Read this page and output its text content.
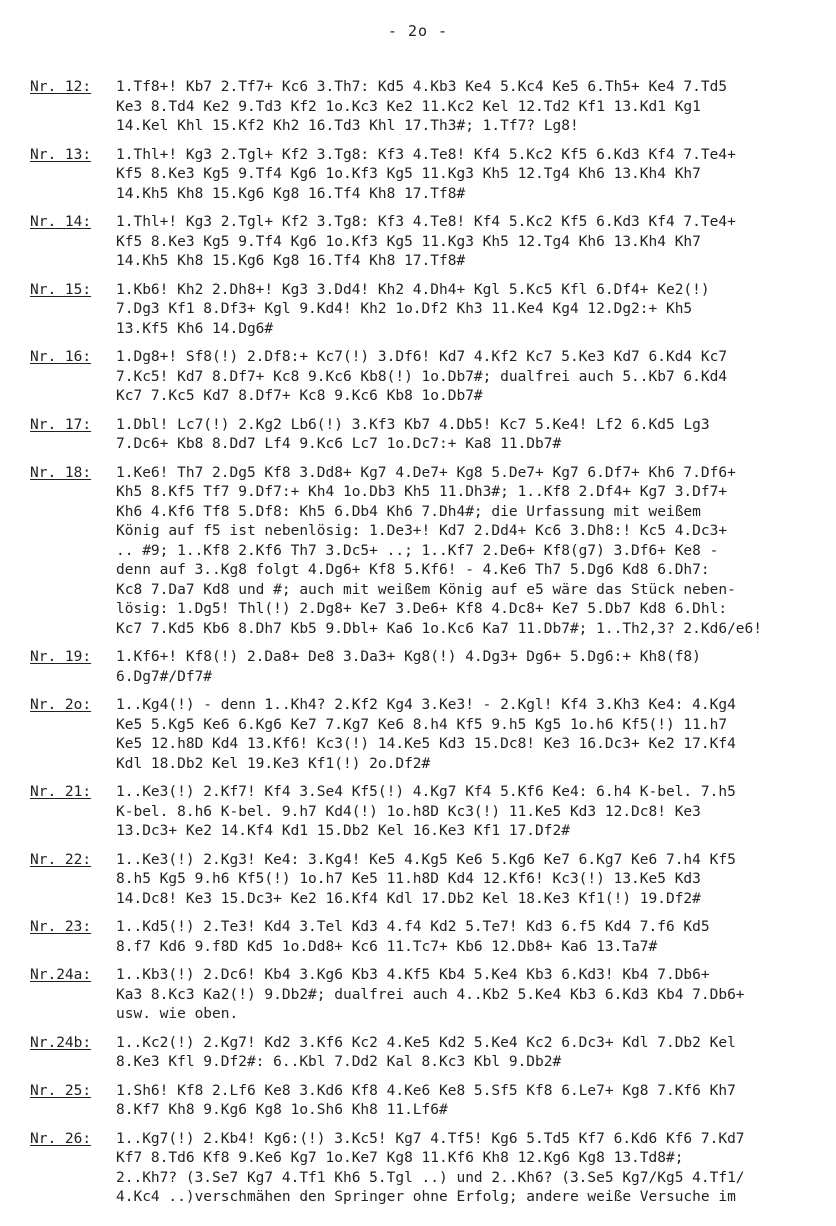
- 2o -
Nr. 12:	1.Tf8+! Kb7 2.Tf7+ Kc6 3.Th7: Kd5 4.Kb3 Ke4 5.Kc4 Ke5 6.Th5+ Ke4 7.Td5
Ke3 8.Td4 Ke2 9.Td3 Kf2 1o.Kc3 Ke2 11.Kc2 Kel 12.Td2 Kf1 13.Kd1 Kg1
14.Kel Khl 15.Kf2 Kh2 16.Td3 Khl 17.Th3#; 1.Tf7? Lg8!
Nr. 13:	1.Thl+! Kg3 2.Tgl+ Kf2 3.Tg8: Kf3 4.Te8! Kf4 5.Kc2 Kf5 6.Kd3 Kf4 7.Te4+
Kf5 8.Ke3 Kg5 9.Tf4 Kg6 1o.Kf3 Kg5 11.Kg3 Kh5 12.Tg4 Kh6 13.Kh4 Kh7
14.Kh5 Kh8 15.Kg6 Kg8 16.Tf4 Kh8 17.Tf8#
Nr. 14:	1.Thl+! Kg3 2.Tgl+ Kf2 3.Tg8: Kf3 4.Te8! Kf4 5.Kc2 Kf5 6.Kd3 Kf4 7.Te4+
Kf5 8.Ke3 Kg5 9.Tf4 Kg6 1o.Kf3 Kg5 11.Kg3 Kh5 12.Tg4 Kh6 13.Kh4 Kh7
14.Kh5 Kh8 15.Kg6 Kg8 16.Tf4 Kh8 17.Tf8#
Nr. 15:	1.Kb6! Kh2 2.Dh8+! Kg3 3.Dd4! Kh2 4.Dh4+ Kgl 5.Kc5 Kfl 6.Df4+ Ke2(!)
7.Dg3 Kf1 8.Df3+ Kgl 9.Kd4! Kh2 1o.Df2 Kh3 11.Ke4 Kg4 12.Dg2:+ Kh5
13.Kf5 Kh6 14.Dg6#
Nr. 16:	1.Dg8+! Sf8(!) 2.Df8:+ Kc7(!) 3.Df6! Kd7 4.Kf2 Kc7 5.Ke3 Kd7 6.Kd4 Kc7
7.Kc5! Kd7 8.Df7+ Kc8 9.Kc6 Kb8(!) 1o.Db7#; dualfrei auch 5..Kb7 6.Kd4
Kc7 7.Kc5 Kd7 8.Df7+ Kc8 9.Kc6 Kb8 1o.Db7#
Nr. 17:	1.Dbl! Lc7(!) 2.Kg2 Lb6(!) 3.Kf3 Kb7 4.Db5! Kc7 5.Ke4! Lf2 6.Kd5 Lg3
7.Dc6+ Kb8 8.Dd7 Lf4 9.Kc6 Lc7 1o.Dc7:+ Ka8 11.Db7#
Nr. 18:	1.Ke6! Th7 2.Dg5 Kf8 3.Dd8+ Kg7 4.De7+ Kg8 5.De7+ Kg7 6.Df7+ Kh6 7.Df6+
Kh5 8.Kf5 Tf7 9.Df7:+ Kh4 1o.Db3 Kh5 11.Dh3#; 1..Kf8 2.Df4+ Kg7 3.Df7+
Kh6 4.Kf6 Tf8 5.Df8: Kh5 6.Db4 Kh6 7.Dh4#; die Urfassung mit weißem
König auf f5 ist nebenlösig: 1.De3+! Kd7 2.Dd4+ Kc6 3.Dh8:! Kc5 4.Dc3+
.. #9; 1..Kf8 2.Kf6 Th7 3.Dc5+ ..; 1..Kf7 2.De6+ Kf8(g7) 3.Df6+ Ke8 -
denn auf 3..Kg8 folgt 4.Dg6+ Kf8 5.Kf6! - 4.Ke6 Th7 5.Dg6 Kd8 6.Dh7:
Kc8 7.Da7 Kd8 und #; auch mit weißem König auf e5 wäre das Stück neben-
lösig: 1.Dg5! Thl(!) 2.Dg8+ Ke7 3.De6+ Kf8 4.Dc8+ Ke7 5.Db7 Kd8 6.Dhl:
Kc7 7.Kd5 Kb6 8.Dh7 Kb5 9.Dbl+ Ka6 1o.Kc6 Ka7 11.Db7#; 1..Th2,3? 2.Kd6/e6!
Nr. 19:	1.Kf6+! Kf8(!) 2.Da8+ De8 3.Da3+ Kg8(!) 4.Dg3+ Dg6+ 5.Dg6:+ Kh8(f8)
6.Dg7#/Df7#
Nr. 2o:	1..Kg4(!) - denn 1..Kh4? 2.Kf2 Kg4 3.Ke3! - 2.Kgl! Kf4 3.Kh3 Ke4: 4.Kg4
Ke5 5.Kg5 Ke6 6.Kg6 Ke7 7.Kg7 Ke6 8.h4 Kf5 9.h5 Kg5 1o.h6 Kf5(!) 11.h7
Ke5 12.h8D Kd4 13.Kf6! Kc3(!) 14.Ke5 Kd3 15.Dc8! Ke3 16.Dc3+ Ke2 17.Kf4
Kdl 18.Db2 Kel 19.Ke3 Kf1(!) 2o.Df2#
Nr. 21:	1..Ke3(!) 2.Kf7! Kf4 3.Se4 Kf5(!) 4.Kg7 Kf4 5.Kf6 Ke4: 6.h4 K-bel. 7.h5
K-bel. 8.h6 K-bel. 9.h7 Kd4(!) 1o.h8D Kc3(!) 11.Ke5 Kd3 12.Dc8! Ke3
13.Dc3+ Ke2 14.Kf4 Kd1 15.Db2 Kel 16.Ke3 Kf1 17.Df2#
Nr. 22:	1..Ke3(!) 2.Kg3! Ke4: 3.Kg4! Ke5 4.Kg5 Ke6 5.Kg6 Ke7 6.Kg7 Ke6 7.h4 Kf5
8.h5 Kg5 9.h6 Kf5(!) 1o.h7 Ke5 11.h8D Kd4 12.Kf6! Kc3(!) 13.Ke5 Kd3
14.Dc8! Ke3 15.Dc3+ Ke2 16.Kf4 Kdl 17.Db2 Kel 18.Ke3 Kf1(!) 19.Df2#
Nr. 23:	1..Kd5(!) 2.Te3! Kd4 3.Tel Kd3 4.f4 Kd2 5.Te7! Kd3 6.f5 Kd4 7.f6 Kd5
8.f7 Kd6 9.f8D Kd5 1o.Dd8+ Kc6 11.Tc7+ Kb6 12.Db8+ Ka6 13.Ta7#
Nr.24a:	1..Kb3(!) 2.Dc6! Kb4 3.Kg6 Kb3 4.Kf5 Kb4 5.Ke4 Kb3 6.Kd3! Kb4 7.Db6+
Ka3 8.Kc3 Ka2(!) 9.Db2#; dualfrei auch 4..Kb2 5.Ke4 Kb3 6.Kd3 Kb4 7.Db6+
usw. wie oben.
Nr.24b:	1..Kc2(!) 2.Kg7! Kd2 3.Kf6 Kc2 4.Ke5 Kd2 5.Ke4 Kc2 6.Dc3+ Kdl 7.Db2 Kel
8.Ke3 Kfl 9.Df2#: 6..Kbl 7.Dd2 Kal 8.Kc3 Kbl 9.Db2#
Nr. 25:	1.Sh6! Kf8 2.Lf6 Ke8 3.Kd6 Kf8 4.Ke6 Ke8 5.Sf5 Kf8 6.Le7+ Kg8 7.Kf6 Kh7
8.Kf7 Kh8 9.Kg6 Kg8 1o.Sh6 Kh8 11.Lf6#
Nr. 26:	1..Kg7(!) 2.Kb4! Kg6:(!) 3.Kc5! Kg7 4.Tf5! Kg6 5.Td5 Kf7 6.Kd6 Kf6 7.Kd7
Kf7 8.Td6 Kf8 9.Ke6 Kg7 1o.Ke7 Kg8 11.Kf6 Kh8 12.Kg6 Kg8 13.Td8#;
2..Kh7? (3.Se7 Kg7 4.Tf1 Kh6 5.Tgl ..) und 2..Kh6? (3.Se5 Kg7/Kg5 4.Tf1/
4.Kc4 ..)verschmähen den Springer ohne Erfolg; andere weiße Versuche im
